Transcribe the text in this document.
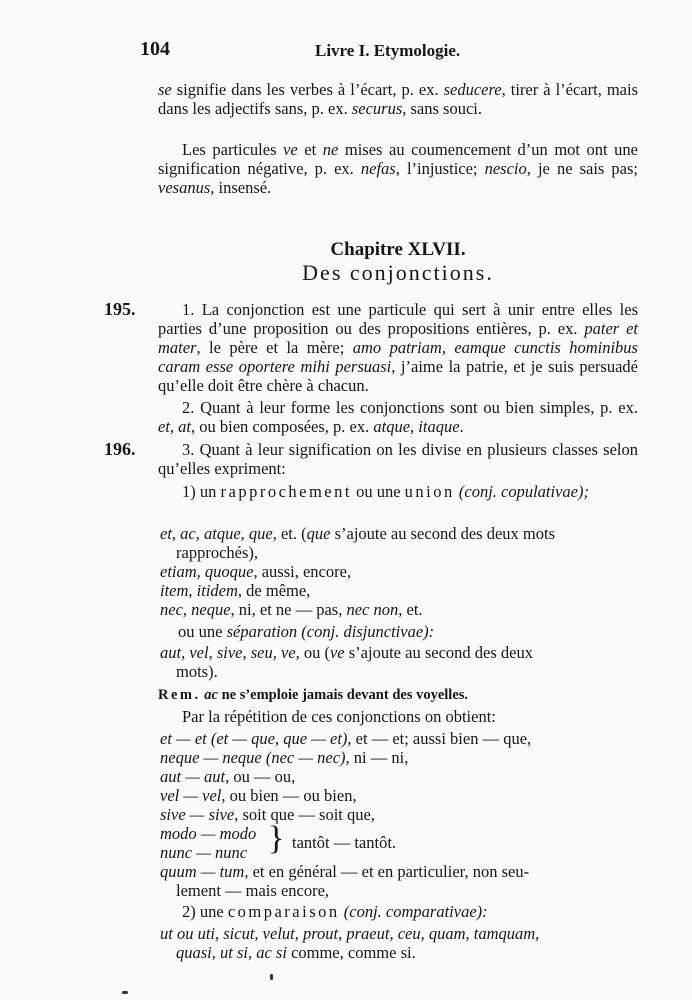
104	Livre I. Etymologie.
se signifie dans les verbes à l’écart, p. ex. seducere, tirer à l’écart, mais dans les adjectifs sans, p. ex. securus, sans souci.
Les particules ve et ne mises au coumencement d’un mot ont une signification négative, p. ex. nefas, l’injustice; nescio, je ne sais pas; vesanus, insensé.
Chapitre XLVII.
Des conjonctions.
195.	1. La conjonction est une particule qui sert à unir entre elles les parties d’une proposition ou des propositions entières, p. ex. pater et mater, le père et la mère; amo patriam, eamque cunctis hominibus caram esse oportere mihi persuasi, j’aime la patrie, et je suis persuadé qu’elle doit être chère à chacun.
2. Quant à leur forme les conjonctions sont ou bien simples, p. ex. et, at, ou bien composées, p. ex. atque, itaque.
196.	3. Quant à leur signification on les divise en plusieurs classes selon qu’elles expriment:
1) un rapprochement ou une union (conj. copulativae);
et, ac, atque, que, et. (que s’ajoute au second des deux mots
rapprochés),
etiam, quoque, aussi, encore,
item, itidem, de même,
nec, neque, ni, et ne — pas, nec non, et.
ou une séparation (conj. disjunctivae):
aut, vel, sive, seu, ve, ou (ve s’ajoute au second des deux
mots).
Rem. ac ne s’emploie jamais devant des voyelles.
Par la répétition de ces conjonctions on obtient:
et — et (et — que, que — et), et — et; aussi bien — que,
neque — neque (nec — nec), ni — ni,
aut — aut, ou — ou,
vel — vel, ou bien — ou bien,
sive — sive, soit que — soit que,
modo — modo
nunc — nunc } tantôt — tantôt.
quum — tum, et en général — et en particulier, non seu-
lement — mais encore,
2) une comparaison (conj. comparativae):
ut ou uti, sicut, velut, prout, praeut, ceu, quam, tamquam,
quasi, ut si, ac si comme, comme si.
